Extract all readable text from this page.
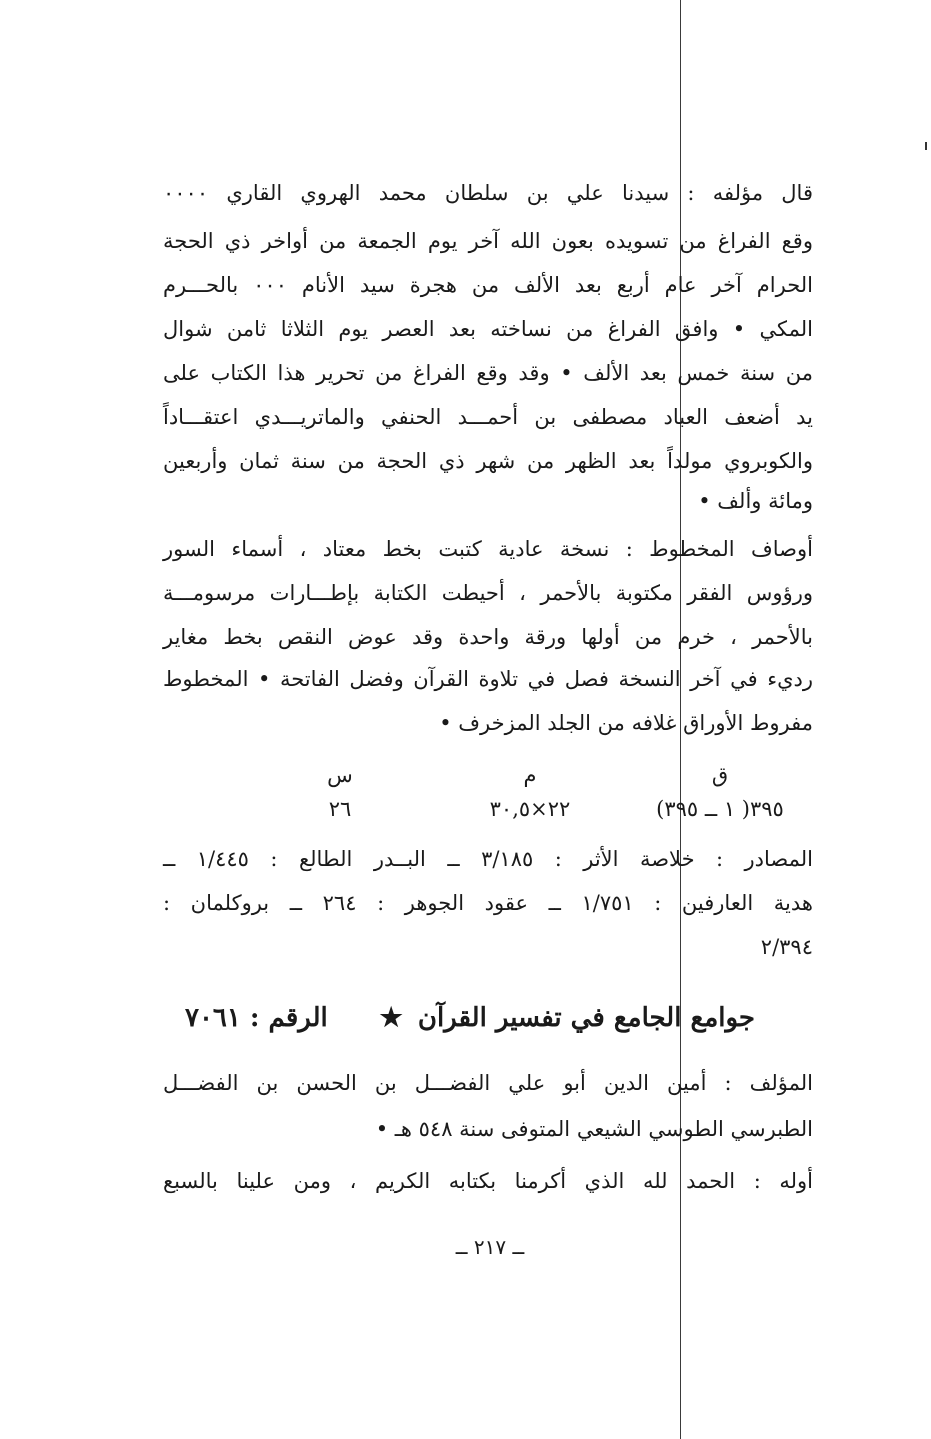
قال مؤلفه : سيدنا علي بن سلطان محمد الهروي القاري ٠٠٠٠
وقع الفراغ من تسويده بعون الله آخر يوم الجمعة من أواخر ذي الحجة
الحرام آخر عام أربع بعد الألف من هجرة سيد الأنام ٠٠٠ بالحـــرم
المكي • وافق الفراغ من نساخته بعد العصر يوم الثلاثا ثامن شوال
من سنة خمس بعد الألف • وقد وقع الفراغ من تحرير هذا الكتاب على
يد أضعف العباد مصطفى بن أحمـــد الحنفي والماتريـــدي اعتقـــاداً
والكوبروي مولداً بعد الظهر من شهر ذي الحجة من سنة ثمان وأربعين
ومائة وألف •
أوصاف المخطوط : نسخة عادية كتبت بخط معتاد ، أسماء السور
ورؤوس الفقر مكتوبة بالأحمر ، أحيطت الكتابة بإطـــارات مرسومـــة
بالأحمر ، خرم من أولها ورقة واحدة وقد عوض النقص بخط مغاير
رديء في آخر النسخة فصل في تلاوة القرآن وفضل الفاتحة • المخطوط
مفروط الأوراق غلافه من الجلد المزخرف •
ق
٣٩٥( ١ ــ ٣٩٥)
م
٢٢×٣٠,٥
س
٢٦
المصادر : خلاصة الأثر : ٣/١٨٥ ــ البــدر الطالع : ١/٤٤٥ ــ
هدية العارفين : ١/٧٥١ ــ عقود الجوهر : ٢٦٤ ــ بروكلمان :
٢/٣٩٤
جوامع الجامع في تفسير القرآن ★
الرقم : ٧٠٦١
المؤلف : أمين الدين أبو علي الفضـــل بن الحسن بن الفضـــل
الطبرسي الطوسي الشيعي المتوفى سنة ٥٤٨ هـ •
أوله : الحمد لله الذي أكرمنا بكتابه الكريم ، ومن علينا بالسبع
ــ ٢١٧ ــ
